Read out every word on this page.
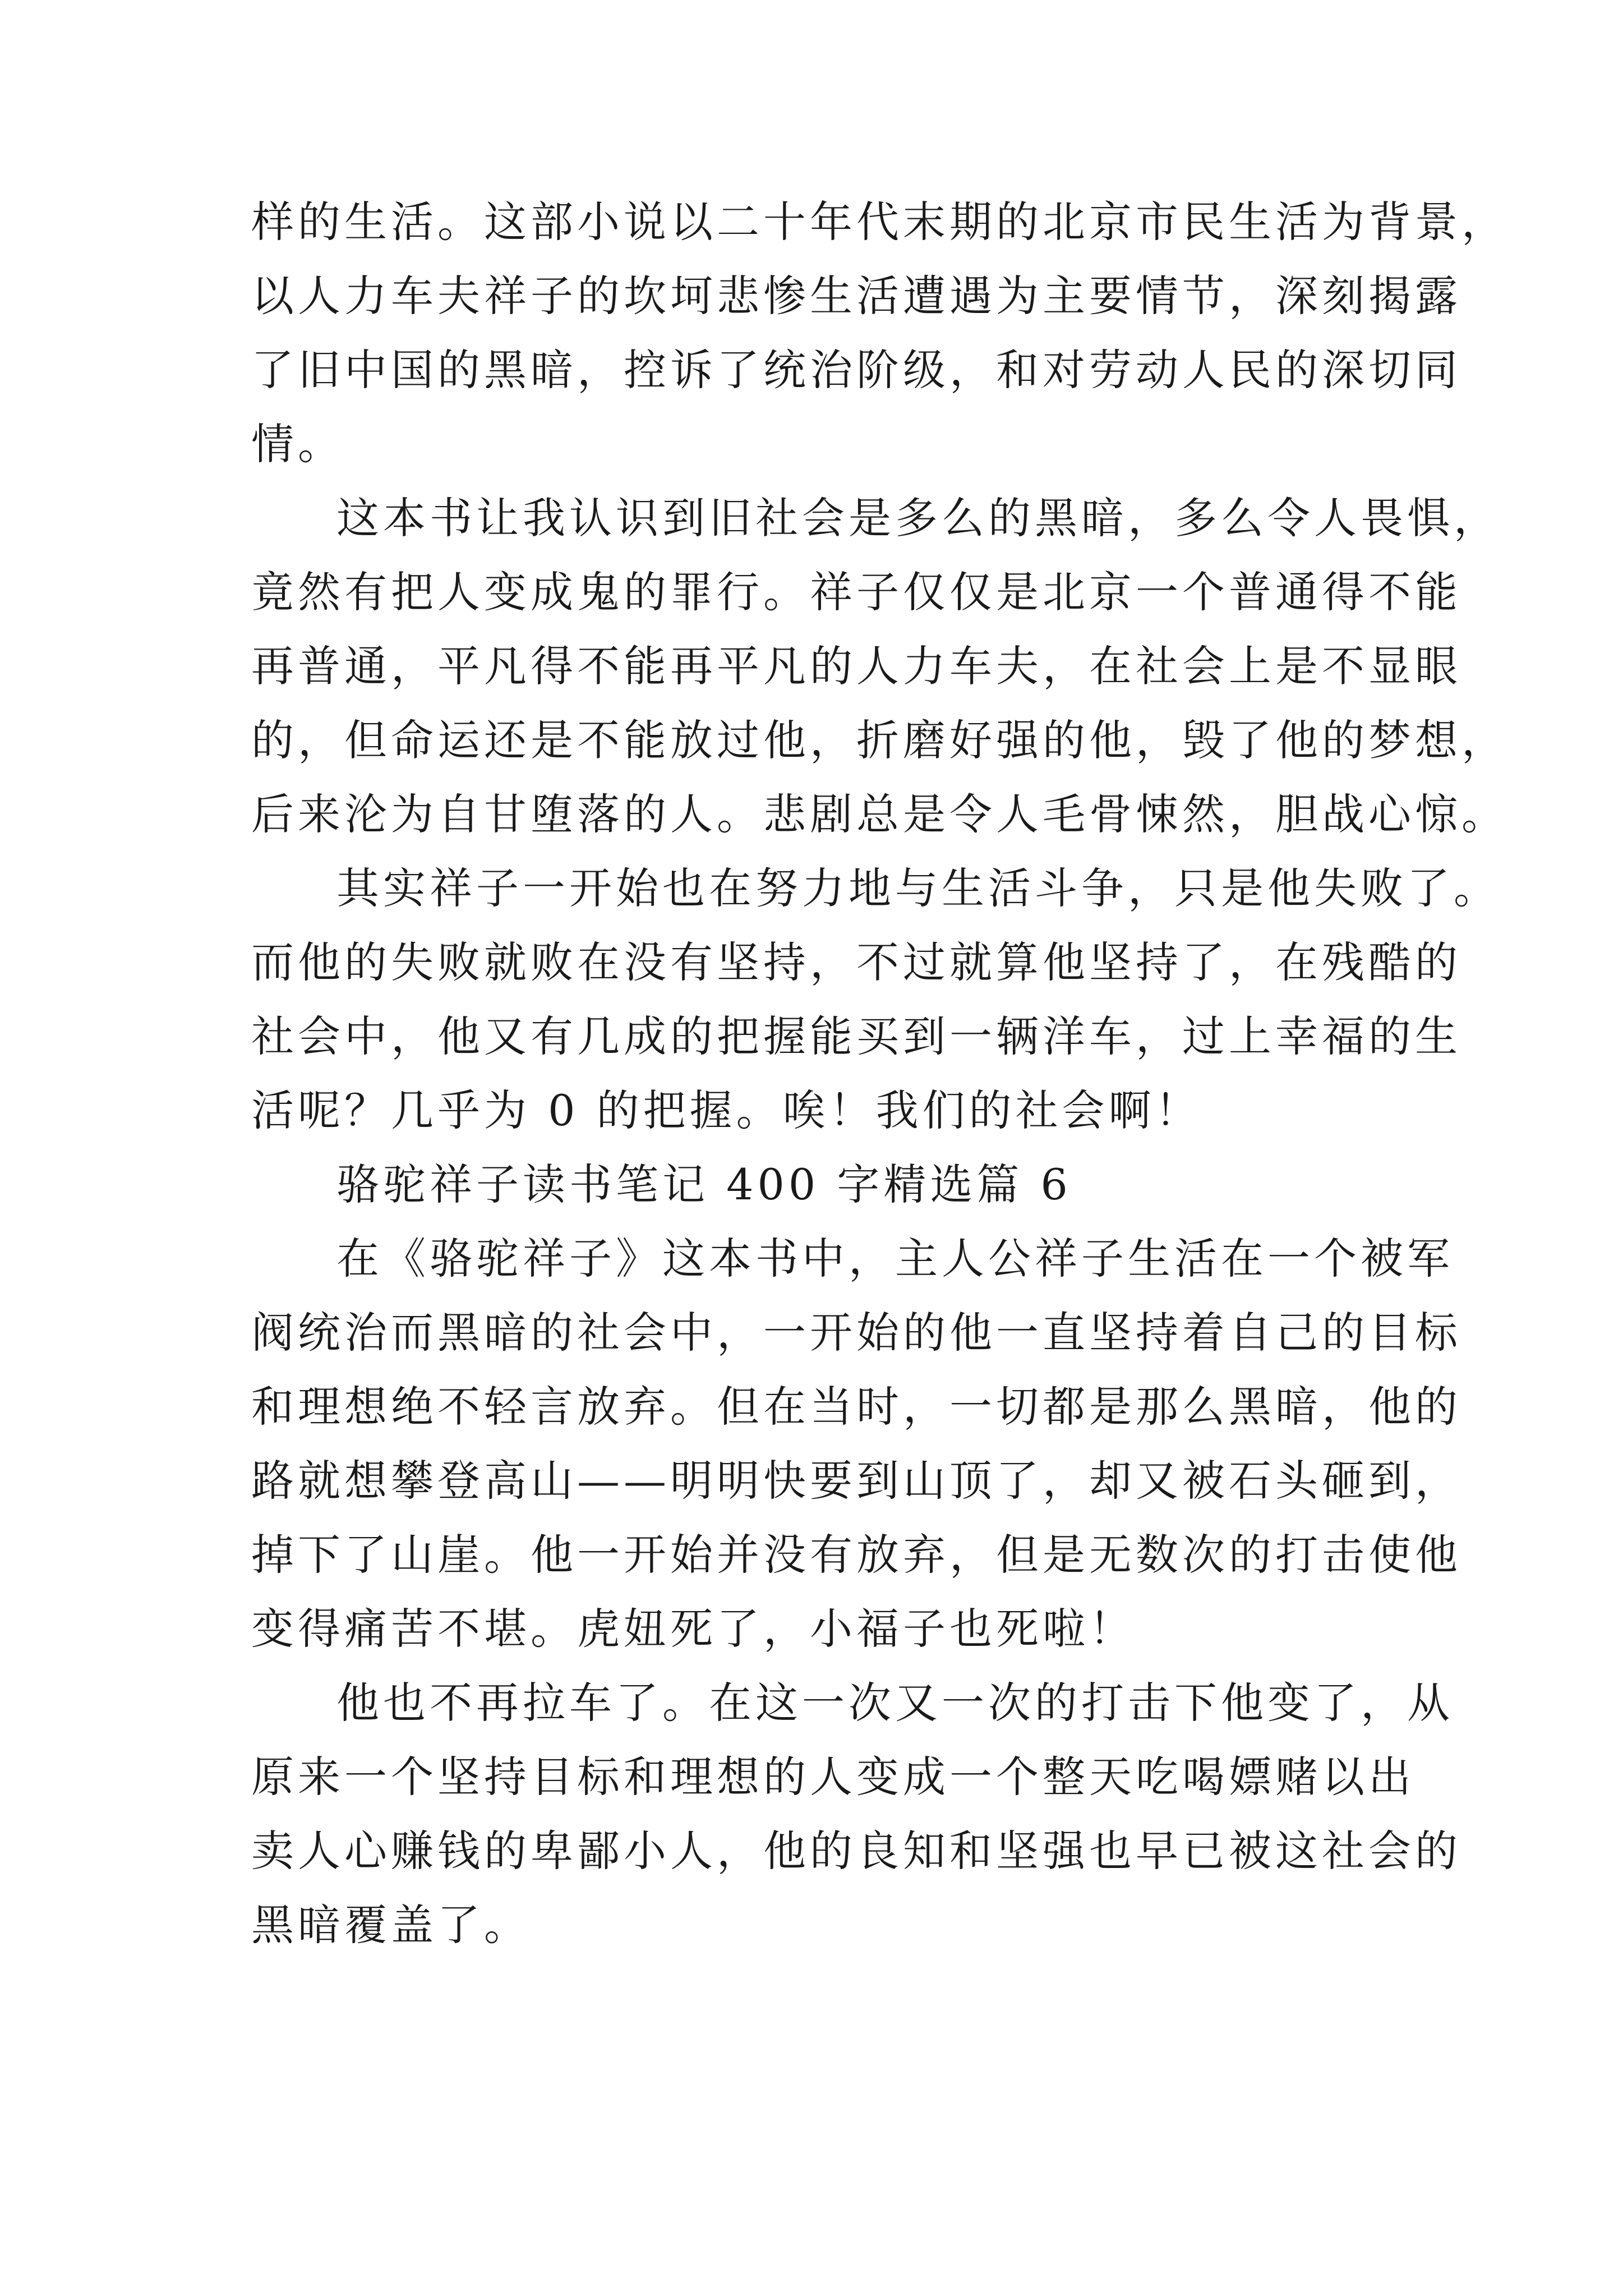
样的生活。这部小说以二十年代末期的北京市民生活为背景，
以人力车夫祥子的坎坷悲惨生活遭遇为主要情节，深刻揭露
了旧中国的黑暗，控诉了统治阶级，和对劳动人民的深切同
情。
这本书让我认识到旧社会是多么的黑暗，多么令人畏惧，
竟然有把人变成鬼的罪行。祥子仅仅是北京一个普通得不能
再普通，平凡得不能再平凡的人力车夫，在社会上是不显眼
的，但命运还是不能放过他，折磨好强的他，毁了他的梦想，
后来沦为自甘堕落的人。悲剧总是令人毛骨悚然，胆战心惊。
其实祥子一开始也在努力地与生活斗争，只是他失败了。
而他的失败就败在没有坚持，不过就算他坚持了，在残酷的
社会中，他又有几成的把握能买到一辆洋车，过上幸福的生
活呢？几乎为 0 的把握。唉！我们的社会啊！
骆驼祥子读书笔记 400 字精选篇 6
在《骆驼祥子》这本书中，主人公祥子生活在一个被军
阀统治而黑暗的社会中，一开始的他一直坚持着自己的目标
和理想绝不轻言放弃。但在当时，一切都是那么黑暗，他的
路就想攀登高山——明明快要到山顶了，却又被石头砸到，
掉下了山崖。他一开始并没有放弃，但是无数次的打击使他
变得痛苦不堪。虎妞死了，小福子也死啦！
他也不再拉车了。在这一次又一次的打击下他变了，从
原来一个坚持目标和理想的人变成一个整天吃喝嫖赌以出
卖人心赚钱的卑鄙小人，他的良知和坚强也早已被这社会的
黑暗覆盖了。
